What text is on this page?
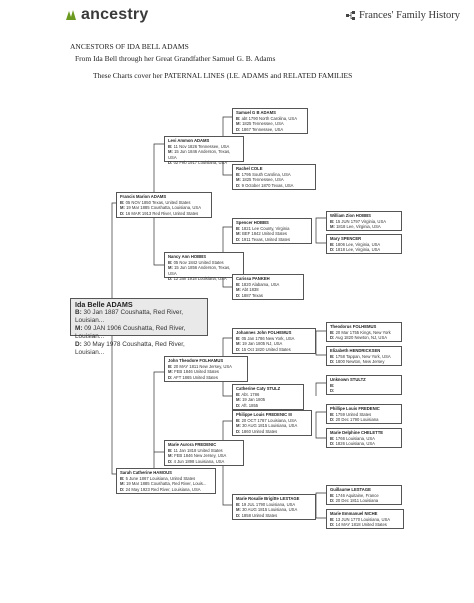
ancestry	Frances' Family History
ANCESTORS OF IDA BELL ADAMS
From Ida Bell through her Great Grandfather Samuel G. B. Adams
These Charts cover her PATERNAL LINES (I.E. ADAMS and RELATED FAMILIES
Ida Belle ADAMS
B: 30 Jan 1887 Coushatta, Red River, Louisian...
M: 09 JAN 1906 Coushatta, Red River, Louisian...
D: 30 May 1978 Coushatta, Red River, Louisian...
Francis Marion ADAMS
B: 05 NOV 1850 Texas, United States
M: 19 Mar 1885 Coushatta, Louisiana, USA
D: 16 MAR 1913 Red River, United States
Sarah Catherine HAMOUS
B: 5 June 1867 Louisiana, United States
M: 19 Mar 1885 Coushatta, Red River, Louis...
D: 24 May 1923 Red River, Louisiana, USA
Levi Ammon ADAMS
B: 11 Nov 1826 Tennessee, USA
M: 15 Jun 1846 Anderson, Texas, USA
D: 02 Feb 1917 Louisiana, USA
Nancy Ann HOBBS
B: 05 Nov 1842 United States
M: 15 Jun 1856 Anderson, Texas, USA
D: 12 Jan 1918 Louisiana, USA
John Theodore FOLHAMUS
B: 20 MAY 1811 New Jersey, USA
M: FEB 1846 United States
D: AFT 1865 United States
Marie Aurora FREDENIC
B: 11 Jan 1818 United States
M: FEB 1846 New Jersey, USA
D: 4 Jun 1898 Louisiana, USA
Samuel G B ADAMS
B: abt 1790 North Carolina, USA
M: 1825 Tennessee, USA
D: 1867 Tennessee, USA
Rachel COLE
B: 1795 South Carolina, USA
M: 1825 Tennessee, USA
D: 9 October 1870 Texas, USA
Spencer HOBBS
B: 1821 Lee County, Virginia
M: BEF 1842 United States
D: 1911 Texas, United States
Carissa PANKEH
B: 1820 Alabama, USA
M: Abt 1838
D: 1887 Texas
Johannes John FOLHEMUS
B: 05 Jan 1786 New York, USA
M: 19 Jan 1805 NJ, USA
D: 15 Oct 1820 United States
Catherine Caty STULZ
B: Abt. 1786
M: 19 Jan 1805
D: Aft. 1855
Philippe Louis FREDENIC III
B: 20 OCT 1787 Louisiana, USA
M: 30 AUG 1815 Louisiana, USA
D: 1860 United States
Marie Rosalie Brigitte LESTAGE
B: 19 JUL 1790 Louisiana, USA
M: 30 AUG 1815 Louisiana, USA
D: 1858 United States
William Zion HOBBS
B: 15 JUN 1797 Virginia, USA
M: 1818 Lee, Virginia, USA
Mary SPENCER
B: 1806 Lee, Virginia, USA
D: 1818 Lee, Virginia, USA
Theodorus FOLHEMUS
B: 20 Mar 1755 Kings, New York
D: Aug 1820 Newton, NJ, USA
Elizabeth HENDRICKSEN
B: 1758 Tappan, New York, USA
D: 1800 Newton, New Jersey
Unknown STULTZ
B:
D:
Phillipe Louis FREDENIC
B: 1759 United States
D: 20 Dec 1790 Louisiana
Marie Delphine CHELETTE
B: 1766 Louisiana, USA
D: 1826 Louisiana, USA
Guillaume LESTAGE
B: 1746 Aquitaine, France
D: 20 Dec 1811 Louisiana
Marie Emmanuel NICHE
B: 13 JUN 1770 Louisiana, USA
D: 14 MAY 1818 United States
